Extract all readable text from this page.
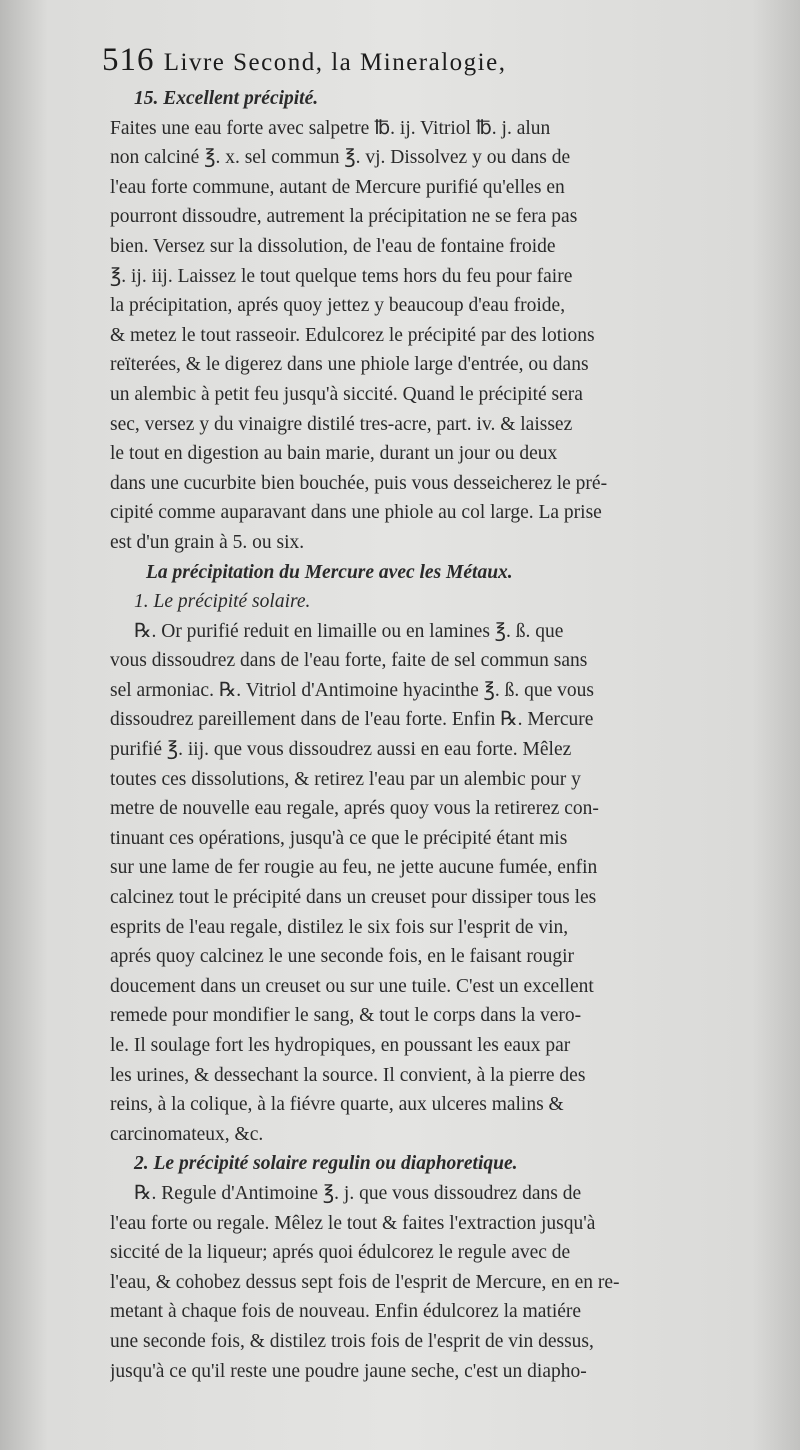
516 Livre Second, la Mineralogie,
15. Excellent précipité.
Faites une eau forte avec salpetre ℔. ij. Vitriol ℔. j. alun
non calciné ℥. x. sel commun ℥. vj. Dissolvez y ou dans de
l'eau forte commune, autant de Mercure purifié qu'elles en
pourront dissoudre, autrement la précipitation ne se fera pas
bien. Versez sur la dissolution, de l'eau de fontaine froide
℥. ij. iij. Laissez le tout quelque tems hors du feu pour faire
la précipitation, aprés quoy jettez y beaucoup d'eau froide,
& metez le tout rasseoir. Edulcorez le précipité par des lotions
reïterées, & le digerez dans une phiole large d'entrée, ou dans
un alembic à petit feu jusqu'à siccité. Quand le précipité sera
sec, versez y du vinaigre distilé tres-acre, part. iv. & laissez
le tout en digestion au bain marie, durant un jour ou deux
dans une cucurbite bien bouchée, puis vous desseicherez le pré-
cipité comme auparavant dans une phiole au col large. La prise
est d'un grain à 5. ou six.
La précipitation du Mercure avec les Métaux.
1. Le précipité solaire.
℞. Or purifié reduit en limaille ou en lamines ℥. ß. que
vous dissoudrez dans de l'eau forte, faite de sel commun sans
sel armoniac. ℞. Vitriol d'Antimoine hyacinthe ℥. ß. que vous
dissoudrez pareillement dans de l'eau forte. Enfin ℞. Mercure
purifié ℥. iij. que vous dissoudrez aussi en eau forte. Mêlez
toutes ces dissolutions, & retirez l'eau par un alembic pour y
metre de nouvelle eau regale, aprés quoy vous la retirerez con-
tinuant ces opérations, jusqu'à ce que le précipité étant mis
sur une lame de fer rougie au feu, ne jette aucune fumée, enfin
calcinez tout le précipité dans un creuset pour dissiper tous les
esprits de l'eau regale, distilez le six fois sur l'esprit de vin,
aprés quoy calcinez le une seconde fois, en le faisant rougir
doucement dans un creuset ou sur une tuile. C'est un excellent
remede pour mondifier le sang, & tout le corps dans la vero-
le. Il soulage fort les hydropiques, en poussant les eaux par
les urines, & dessechant la source. Il convient, à la pierre des
reins, à la colique, à la fiévre quarte, aux ulceres malins &
carcinomateux, &c.
2. Le précipité solaire regulin ou diaphoretique.
℞. Regule d'Antimoine ℥. j. que vous dissoudrez dans de
l'eau forte ou regale. Mêlez le tout & faites l'extraction jusqu'à
siccité de la liqueur; aprés quoi édulcorez le regule avec de
l'eau, & cohobez dessus sept fois de l'esprit de Mercure, en en re-
metant à chaque fois de nouveau. Enfin édulcorez la matiére
une seconde fois, & distilez trois fois de l'esprit de vin dessus,
jusqu'à ce qu'il reste une poudre jaune seche, c'est un diapho-
